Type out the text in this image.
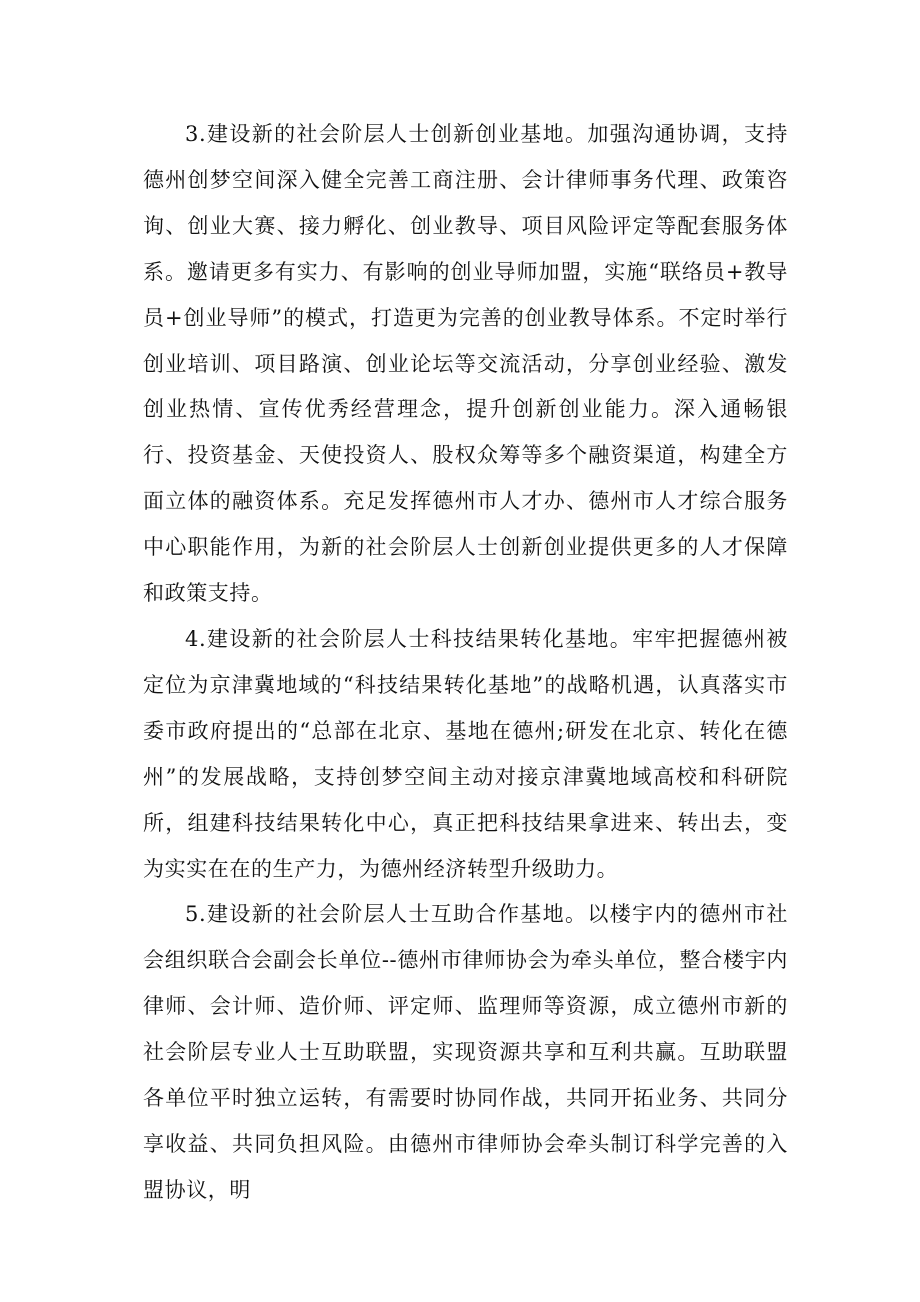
3.建设新的社会阶层人士创新创业基地。加强沟通协调，支持德州创梦空间深入健全完善工商注册、会计律师事务代理、政策咨询、创业大赛、接力孵化、创业教导、项目风险评定等配套服务体系。邀请更多有实力、有影响的创业导师加盟，实施“联络员+教导员+创业导师”的模式，打造更为完善的创业教导体系。不定时举行创业培训、项目路演、创业论坛等交流活动，分享创业经验、激发创业热情、宣传优秀经营理念，提升创新创业能力。深入通畅银行、投资基金、天使投资人、股权众筹等多个融资渠道，构建全方面立体的融资体系。充足发挥德州市人才办、德州市人才综合服务中心职能作用，为新的社会阶层人士创新创业提供更多的人才保障和政策支持。

4.建设新的社会阶层人士科技结果转化基地。牢牢把握德州被定位为京津冀地域的“科技结果转化基地”的战略机遇，认真落实市委市政府提出的“总部在北京、基地在德州;研发在北京、转化在德州”的发展战略，支持创梦空间主动对接京津冀地域高校和科研院所，组建科技结果转化中心，真正把科技结果拿进来、转出去，变为实实在在的生产力，为德州经济转型升级助力。

5.建设新的社会阶层人士互助合作基地。以楼宇内的德州市社会组织联合会副会长单位--德州市律师协会为牵头单位，整合楼宇内律师、会计师、造价师、评定师、监理师等资源，成立德州市新的社会阶层专业人士互助联盟，实现资源共享和互利共赢。互助联盟各单位平时独立运转，有需要时协同作战，共同开拓业务、共同分享收益、共同负担风险。由德州市律师协会牵头制订科学完善的入盟协议，明
